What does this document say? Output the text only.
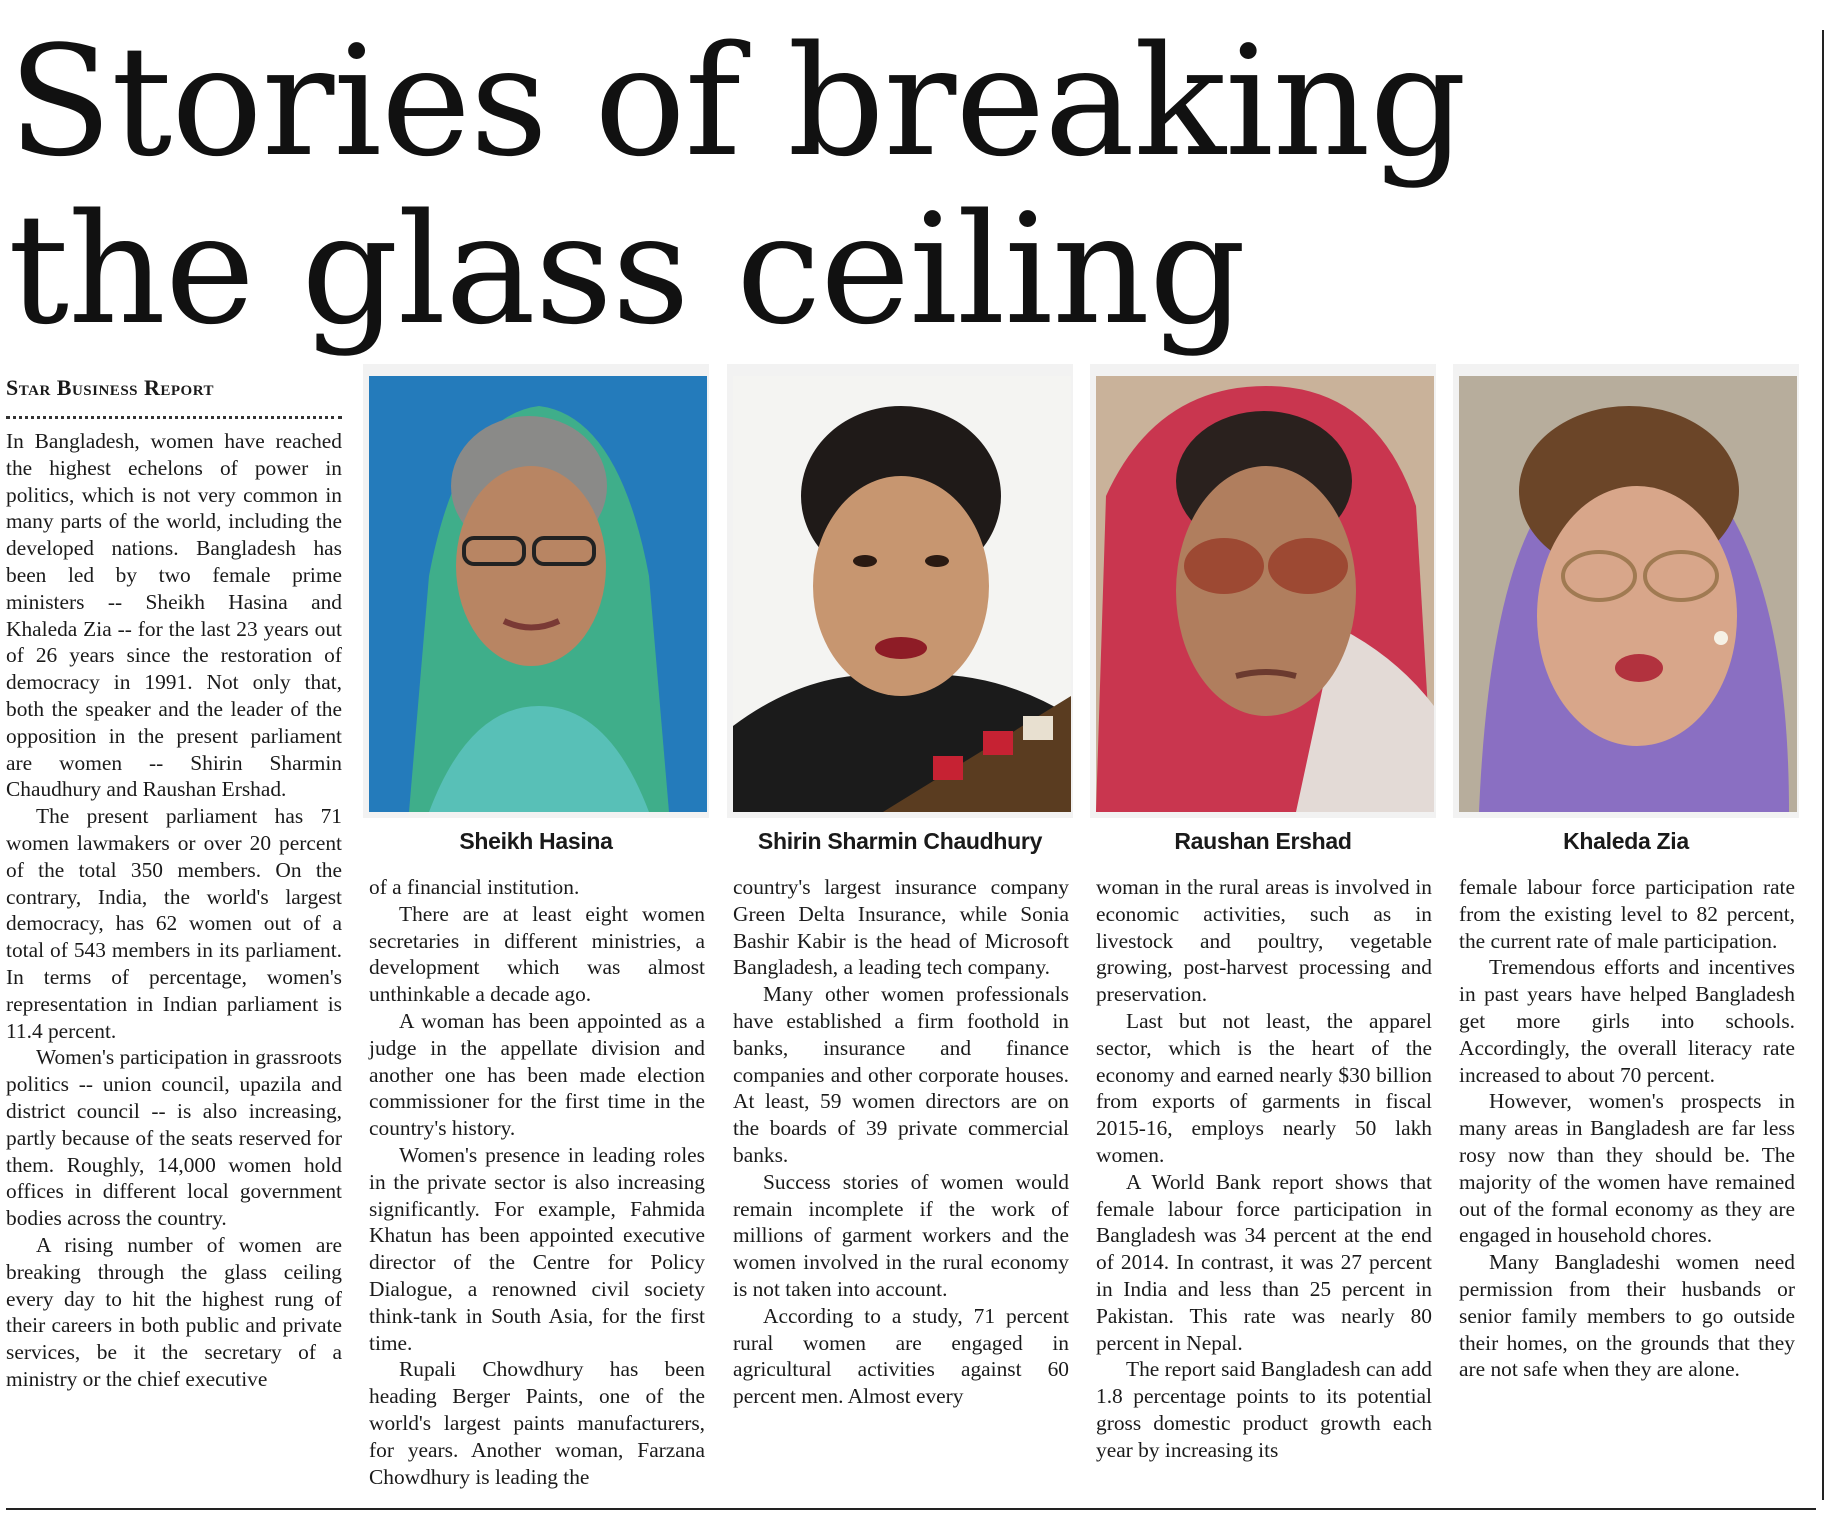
Stories of breaking
the glass ceiling
Star Business Report
Sheikh Hasina	Shirin Sharmin Chaudhury	Raushan Ershad	Khaleda Zia

In Bangladesh, women have reached the highest echelons of power in politics, which is not very common in many parts of the world, including the developed nations. Bangladesh has been led by two female prime ministers -- Sheikh Hasina and Khaleda Zia -- for the last 23 years out of 26 years since the restoration of democracy in 1991. Not only that, both the speaker and the leader of the opposition in the present parliament are women -- Shirin Sharmin Chaudhury and Raushan Ershad.

The present parliament has 71 women lawmakers or over 20 percent of the total 350 members. On the contrary, India, the world's largest democracy, has 62 women out of a total of 543 members in its parliament. In terms of percentage, women's representation in Indian parliament is 11.4 percent.

Women's participation in grassroots politics -- union council, upazila and district council -- is also increasing, partly because of the seats reserved for them. Roughly, 14,000 women hold offices in different local government bodies across the country.

A rising number of women are breaking through the glass ceiling every day to hit the highest rung of their careers in both public and private services, be it the secretary of a ministry or the chief executive

of a financial institution.

There are at least eight women secretaries in different ministries, a development which was almost unthinkable a decade ago.

A woman has been appointed as a judge in the appellate division and another one has been made election commissioner for the first time in the country's history.

Women's presence in leading roles in the private sector is also increasing significantly. For example, Fahmida Khatun has been appointed executive director of the Centre for Policy Dialogue, a renowned civil society think-tank in South Asia, for the first time.

Rupali Chowdhury has been heading Berger Paints, one of the world's largest paints manufacturers, for years. Another woman, Farzana Chowdhury is leading the

country's largest insurance company Green Delta Insurance, while Sonia Bashir Kabir is the head of Microsoft Bangladesh, a leading tech company.

Many other women professionals have established a firm foothold in banks, insurance and finance companies and other corporate houses. At least, 59 women directors are on the boards of 39 private commercial banks.

Success stories of women would remain incomplete if the work of millions of garment workers and the women involved in the rural economy is not taken into account.

According to a study, 71 percent rural women are engaged in agricultural activities against 60 percent men. Almost every

woman in the rural areas is involved in economic activities, such as in livestock and poultry, vegetable growing, post-harvest processing and preservation.

Last but not least, the apparel sector, which is the heart of the economy and earned nearly $30 billion from exports of garments in fiscal 2015-16, employs nearly 50 lakh women.

A World Bank report shows that female labour force participation in Bangladesh was 34 percent at the end of 2014. In contrast, it was 27 percent in India and less than 25 percent in Pakistan. This rate was nearly 80 percent in Nepal.

The report said Bangladesh can add 1.8 percentage points to its potential gross domestic product growth each year by increasing its

female labour force participation rate from the existing level to 82 percent, the current rate of male participation.

Tremendous efforts and incentives in past years have helped Bangladesh get more girls into schools. Accordingly, the overall literacy rate increased to about 70 percent.

However, women's prospects in many areas in Bangladesh are far less rosy now than they should be. The majority of the women have remained out of the formal economy as they are engaged in household chores.

Many Bangladeshi women need permission from their husbands or senior family members to go outside their homes, on the grounds that they are not safe when they are alone.
